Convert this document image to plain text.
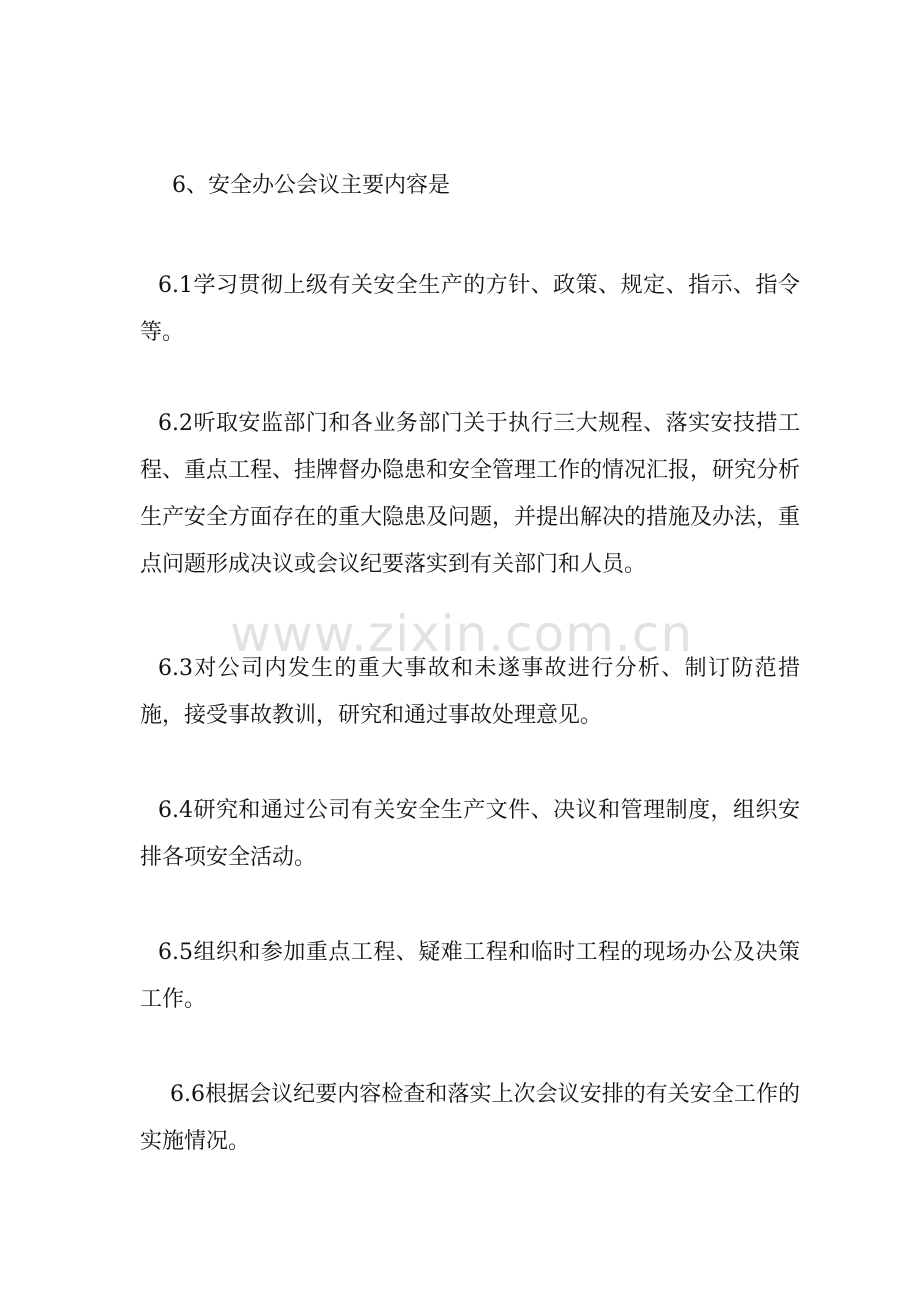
6、安全办公会议主要内容是
6.1学习贯彻上级有关安全生产的方针、政策、规定、指示、指令等。
6.2听取安监部门和各业务部门关于执行三大规程、落实安技措工程、重点工程、挂牌督办隐患和安全管理工作的情况汇报，研究分析生产安全方面存在的重大隐患及问题，并提出解决的措施及办法，重点问题形成决议或会议纪要落实到有关部门和人员。
6.3对公司内发生的重大事故和未遂事故进行分析、制订防范措施，接受事故教训，研究和通过事故处理意见。
6.4研究和通过公司有关安全生产文件、决议和管理制度，组织安排各项安全活动。
6.5组织和参加重点工程、疑难工程和临时工程的现场办公及决策工作。
6.6根据会议纪要内容检查和落实上次会议安排的有关安全工作的实施情况。
www.zixin.com.cn
